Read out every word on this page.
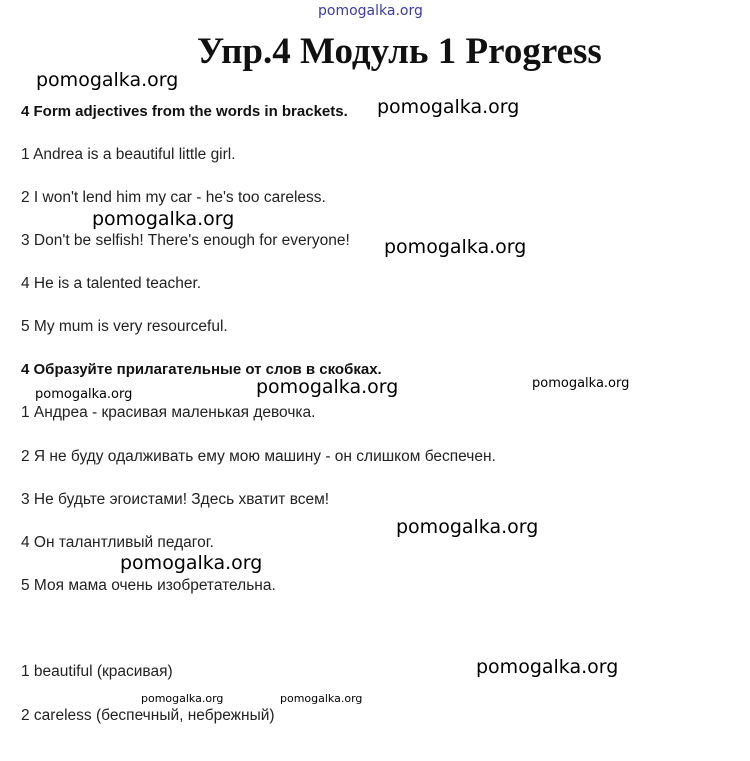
pomogalka.org
Упр.4 Модуль 1 Progress
4 Form adjectives from the words in brackets.
1 Andrea is a beautiful little girl.
2 I won't lend him my car - he's too careless.
3 Don't be selfish! There's enough for everyone!
4 He is a talented teacher.
5 My mum is very resourceful.
4 Образуйте прилагательные от слов в скобках.
1 Андреа - красивая маленькая девочка.
2 Я не буду одалживать ему мою машину - он слишком беспечен.
3 Не будьте эгоистами! Здесь хватит всем!
4 Он талантливый педагог.
5 Моя мама очень изобретательна.
1 beautiful (красивая)
2 careless (беспечный, небрежный)
pomogalka.org
pomogalka.org
pomogalka.org
pomogalka.org
pomogalka.org	pomogalka.org	pomogalka.org
pomogalka.org
pomogalka.org
pomogalka.org
pomogalka.org	pomogalka.org
